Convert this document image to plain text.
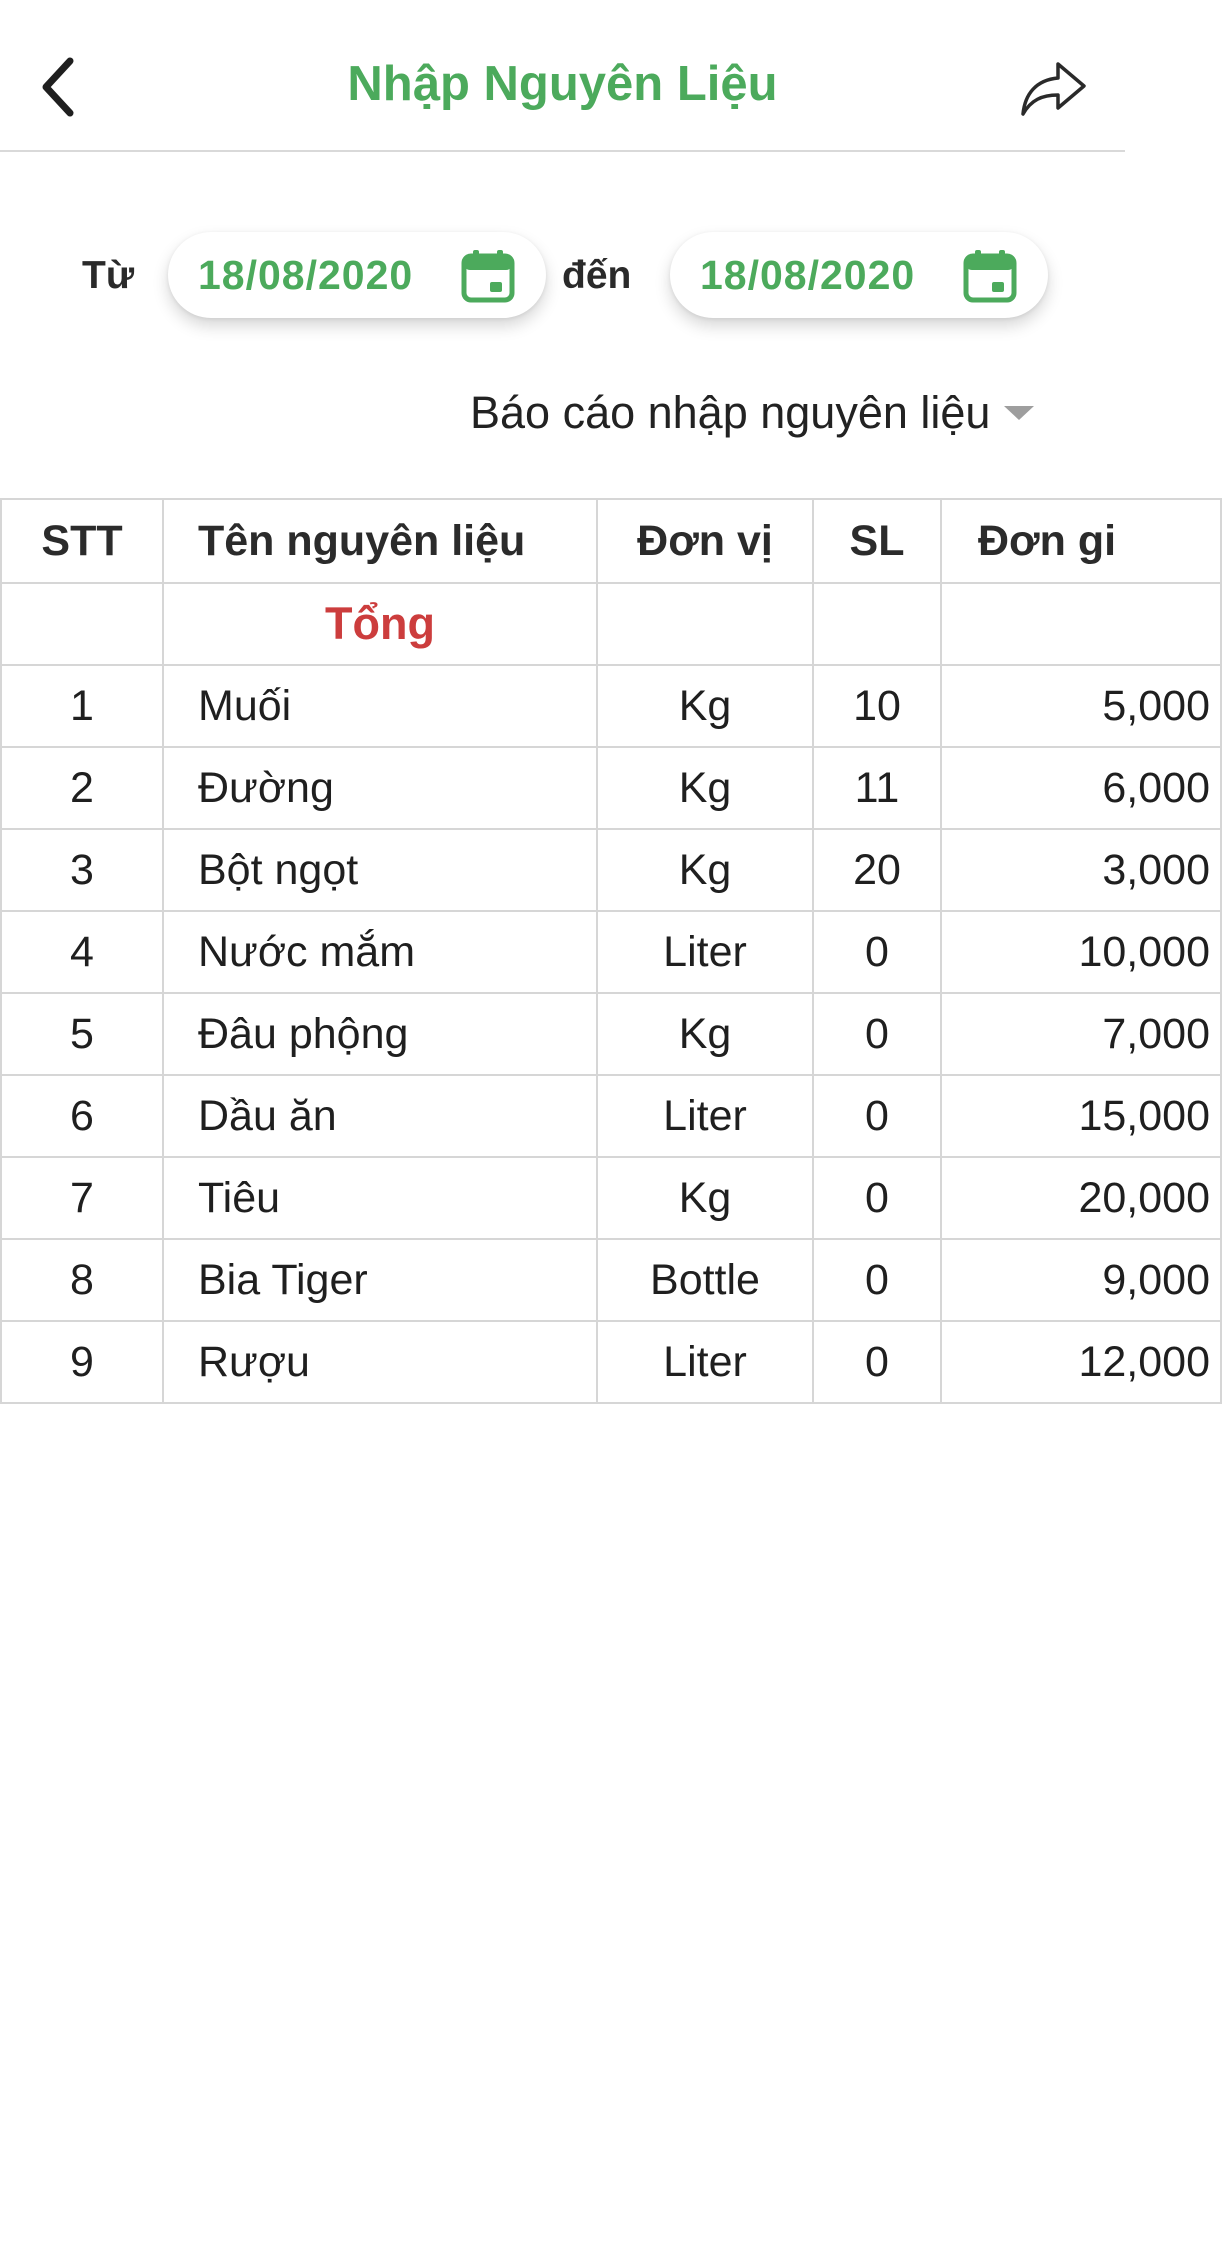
Nhập Nguyên Liệu
Từ 18/08/2020	đến 18/08/2020
Báo cáo nhập nguyên liệu
STT	Tên nguyên liệu	Đơn vị	SL	Đơn gi
	Tổng			
1	Muối	Kg	10	5,000
2	Đường	Kg	11	6,000
3	Bột ngọt	Kg	20	3,000
4	Nước mắm	Liter	0	10,000
5	Đâu phộng	Kg	0	7,000
6	Dầu ăn	Liter	0	15,000
7	Tiêu	Kg	0	20,000
8	Bia Tiger	Bottle	0	9,000
9	Rượu	Liter	0	12,000
